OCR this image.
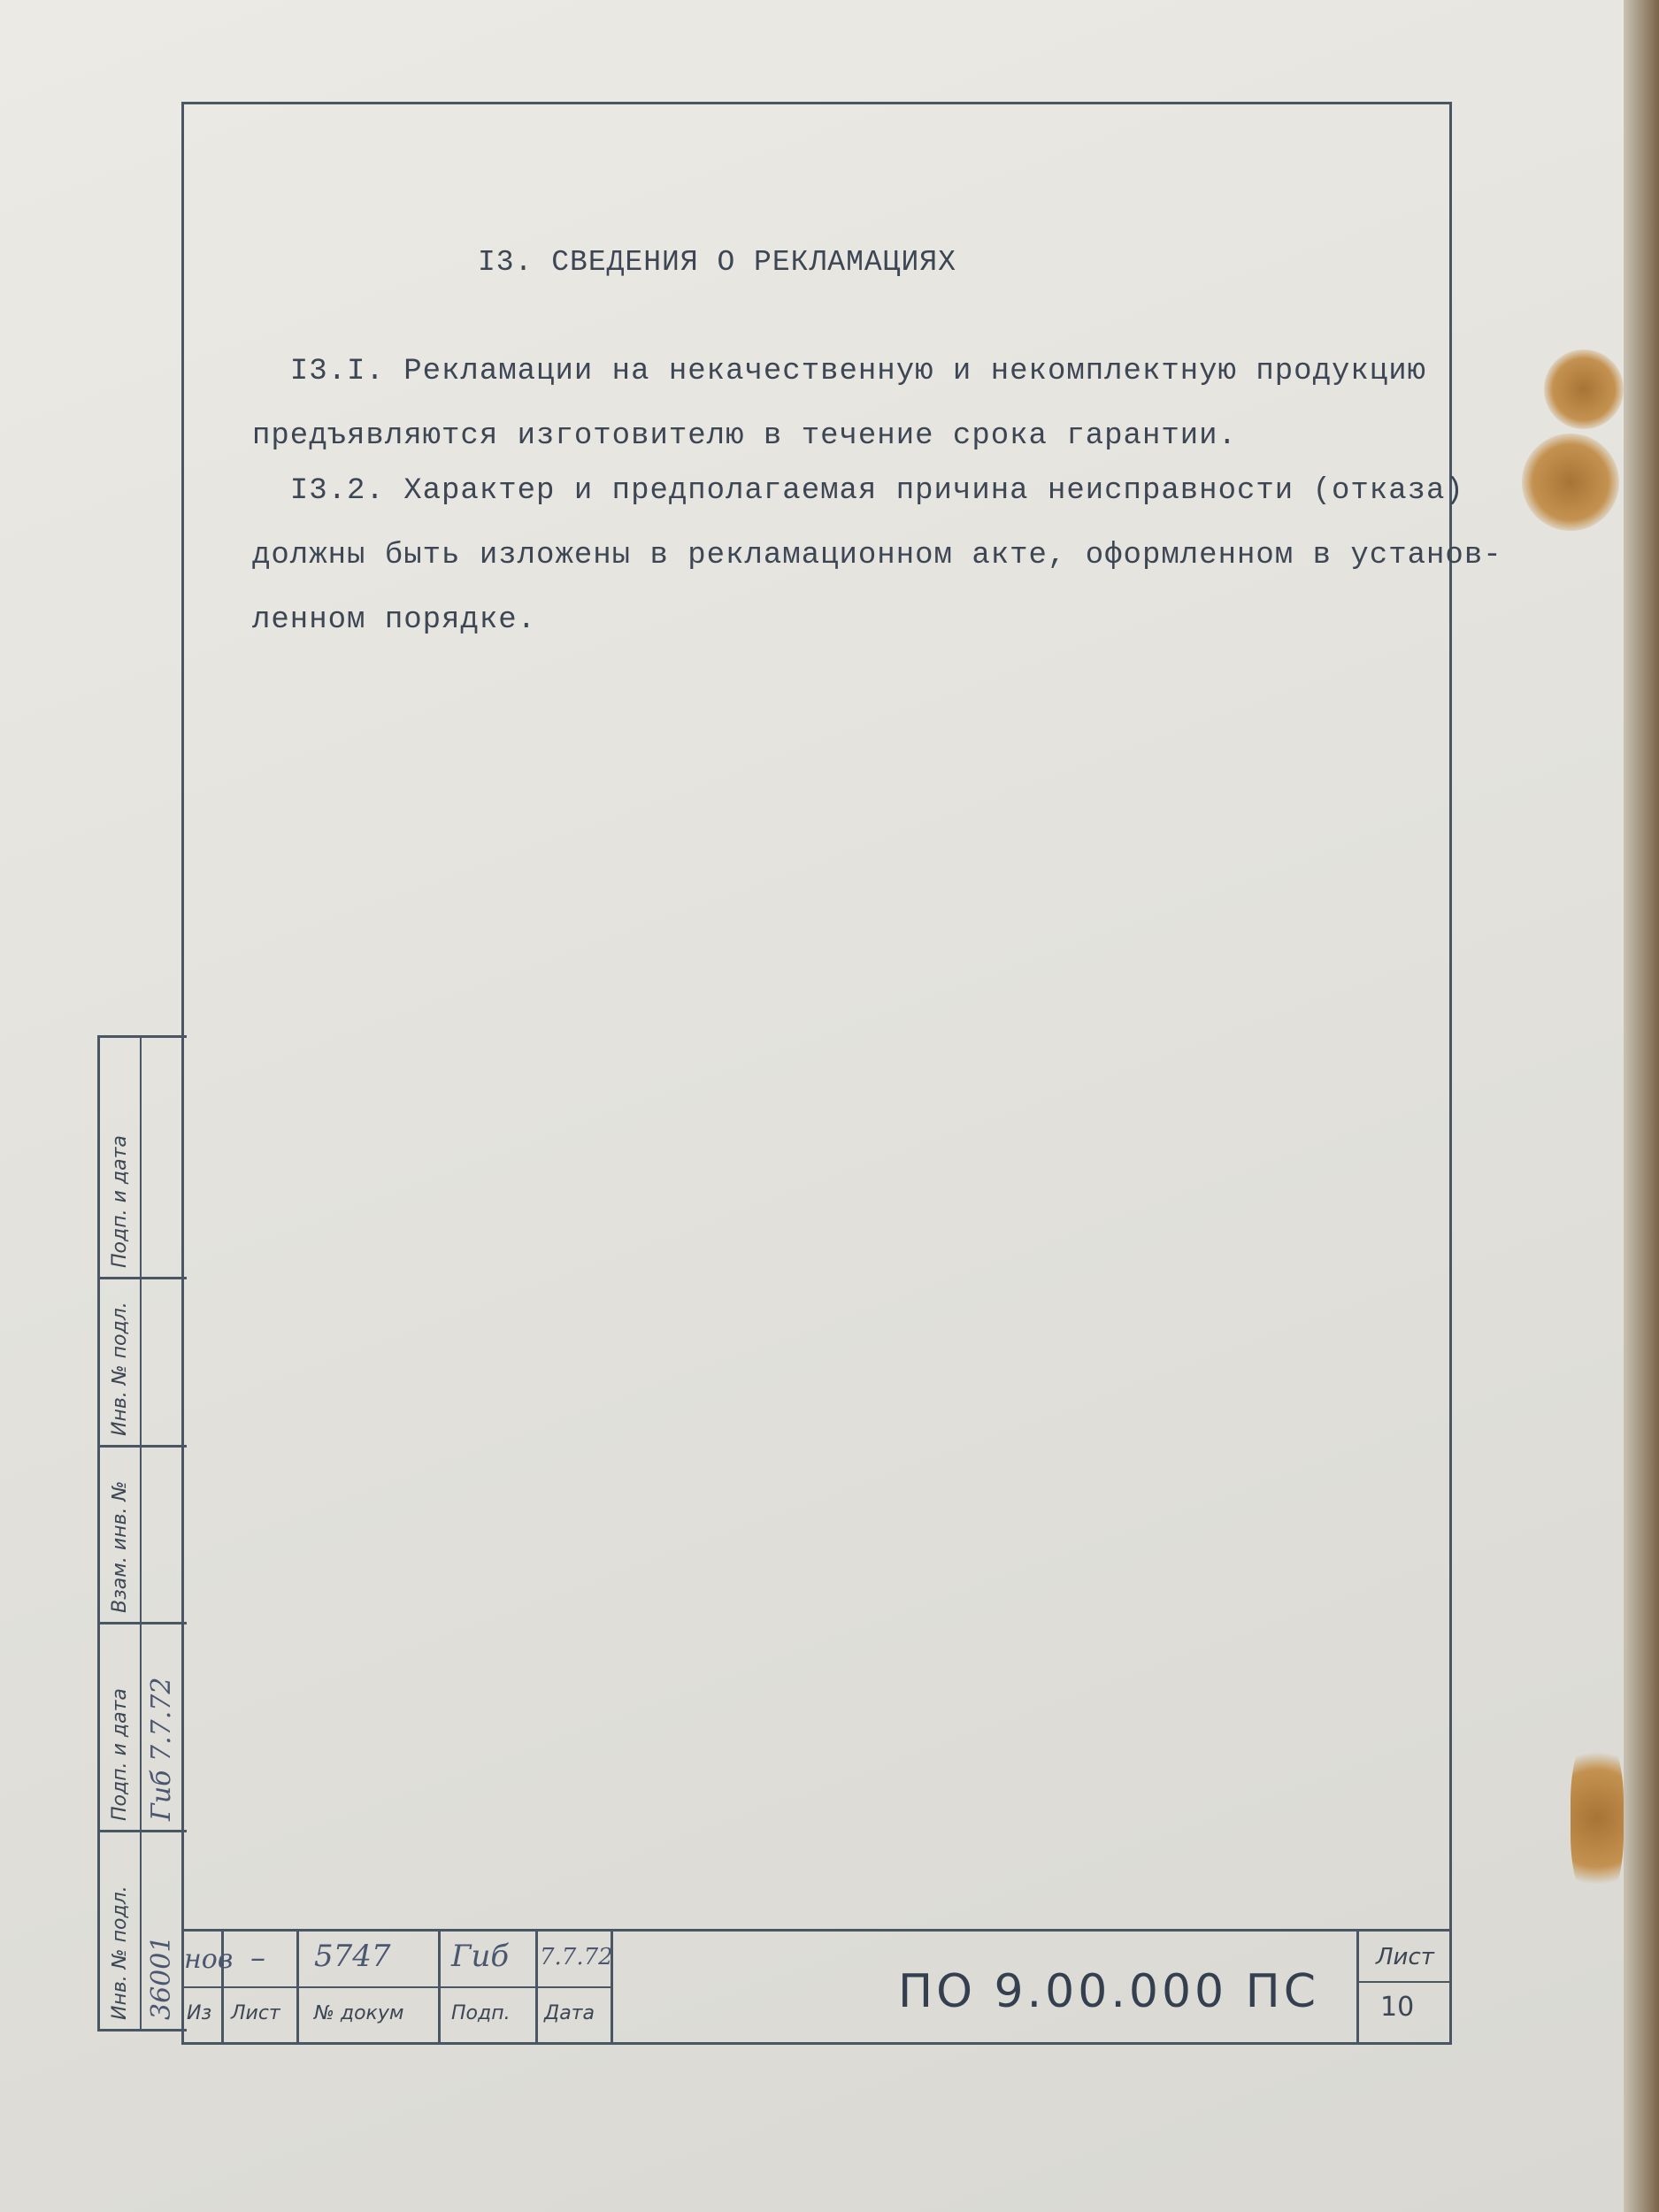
I3. СВЕДЕНИЯ О РЕКЛАМАЦИЯХ
I3.I. Рекламации на некачественную и некомплектную продукцию
предъявляются изготовителю в течение срока гарантии.
I3.2. Характер и предполагаемая причина неисправности (отказа)
должны быть изложены в рекламационном акте, оформленном в установ-
ленном порядке.
Подп. и дата
Инв. № подл.
Взам. инв. №
Подп. и дата
Инв. № подл.
Гиб 7.7.72
36001 нов – 5747 Гиб 7.7.72
Из Лист № докум Подп. Дата	ПО 9.00.000 ПС
Лист
10
